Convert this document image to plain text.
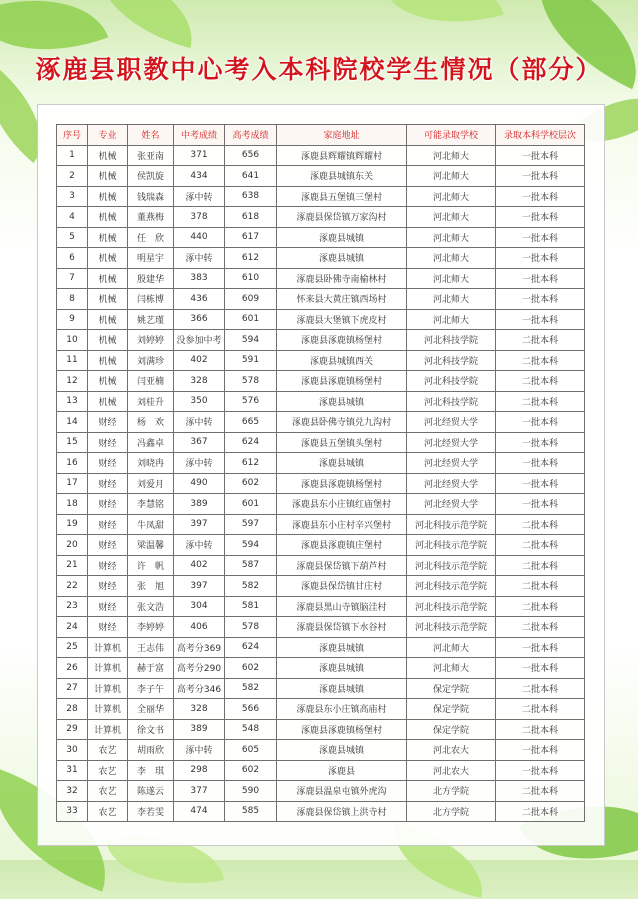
涿鹿县职教中心考入本科院校学生情况（部分）
序号	专业	姓名	中考成绩	高考成绩	家庭地址	可能录取学校	录取本科学校层次
1	机械	张亚南	371	656	涿鹿县辉耀镇辉耀村	河北师大	一批本科
2	机械	侯凯旋	434	641	涿鹿县城镇东关	河北师大	一批本科
3	机械	钱瑞森	涿中转	638	涿鹿县五堡镇三堡村	河北师大	一批本科
4	机械	董燕梅	378	618	涿鹿县保岱镇万家沟村	河北师大	一批本科
5	机械	任　欣	440	617	涿鹿县城镇	河北师大	一批本科
6	机械	明星宇	涿中转	612	涿鹿县城镇	河北师大	一批本科
7	机械	殷建华	383	610	涿鹿县卧佛寺南榆林村	河北师大	一批本科
8	机械	闫栋博	436	609	怀来县大黄庄镇西场村	河北师大	一批本科
9	机械	姚艺瑾	366	601	涿鹿县大堡镇下虎皮村	河北师大	一批本科
10	机械	刘婷婷	没参加中考	594	涿鹿县涿鹿镇杨堡村	河北科技学院	二批本科
11	机械	刘满珍	402	591	涿鹿县城镇西关	河北科技学院	二批本科
12	机械	闫亚楠	328	578	涿鹿县涿鹿镇杨堡村	河北科技学院	二批本科
13	机械	刘桂升	350	576	涿鹿县城镇	河北科技学院	二批本科
14	财经	杨　欢	涿中转	665	涿鹿县卧佛寺镇兑九沟村	河北经贸大学	一批本科
15	财经	冯鑫卓	367	624	涿鹿县五堡镇头堡村	河北经贸大学	一批本科
16	财经	刘晓冉	涿中转	612	涿鹿县城镇	河北经贸大学	一批本科
17	财经	刘爱月	490	602	涿鹿县涿鹿镇杨堡村	河北经贸大学	一批本科
18	财经	李慧铭	389	601	涿鹿县东小庄镇红庙堡村	河北经贸大学	一批本科
19	财经	牛凤甜	397	597	涿鹿县东小庄村辛兴堡村	河北科技示范学院	二批本科
20	财经	梁温馨	涿中转	594	涿鹿县涿鹿镇庄堡村	河北科技示范学院	二批本科
21	财经	许　帆	402	587	涿鹿县保岱镇下葫芦村	河北科技示范学院	二批本科
22	财经	张　旭	397	582	涿鹿县保岱镇甘庄村	河北科技示范学院	二批本科
23	财经	张文浩	304	581	涿鹿县黑山寺镇脑洼村	河北科技示范学院	二批本科
24	财经	李婷婷	406	578	涿鹿县保岱镇下水谷村	河北科技示范学院	二批本科
25	计算机	王志伟	高考分369	624	涿鹿县城镇	河北师大	一批本科
26	计算机	赫于富	高考分290	602	涿鹿县城镇	河北师大	一批本科
27	计算机	李子午	高考分346	582	涿鹿县城镇	保定学院	二批本科
28	计算机	全丽华	328	566	涿鹿县东小庄镇高庙村	保定学院	二批本科
29	计算机	徐文书	389	548	涿鹿县涿鹿镇杨堡村	保定学院	二批本科
30	农艺	胡雨欣	涿中转	605	涿鹿县城镇	河北农大	一批本科
31	农艺	李　琪	298	602	涿鹿县	河北农大	一批本科
32	农艺	陈遂云	377	590	涿鹿县温泉屯镇外虎沟	北方学院	二批本科
33	农艺	李若雯	474	585	涿鹿县保岱镇上洪寺村	北方学院	二批本科
